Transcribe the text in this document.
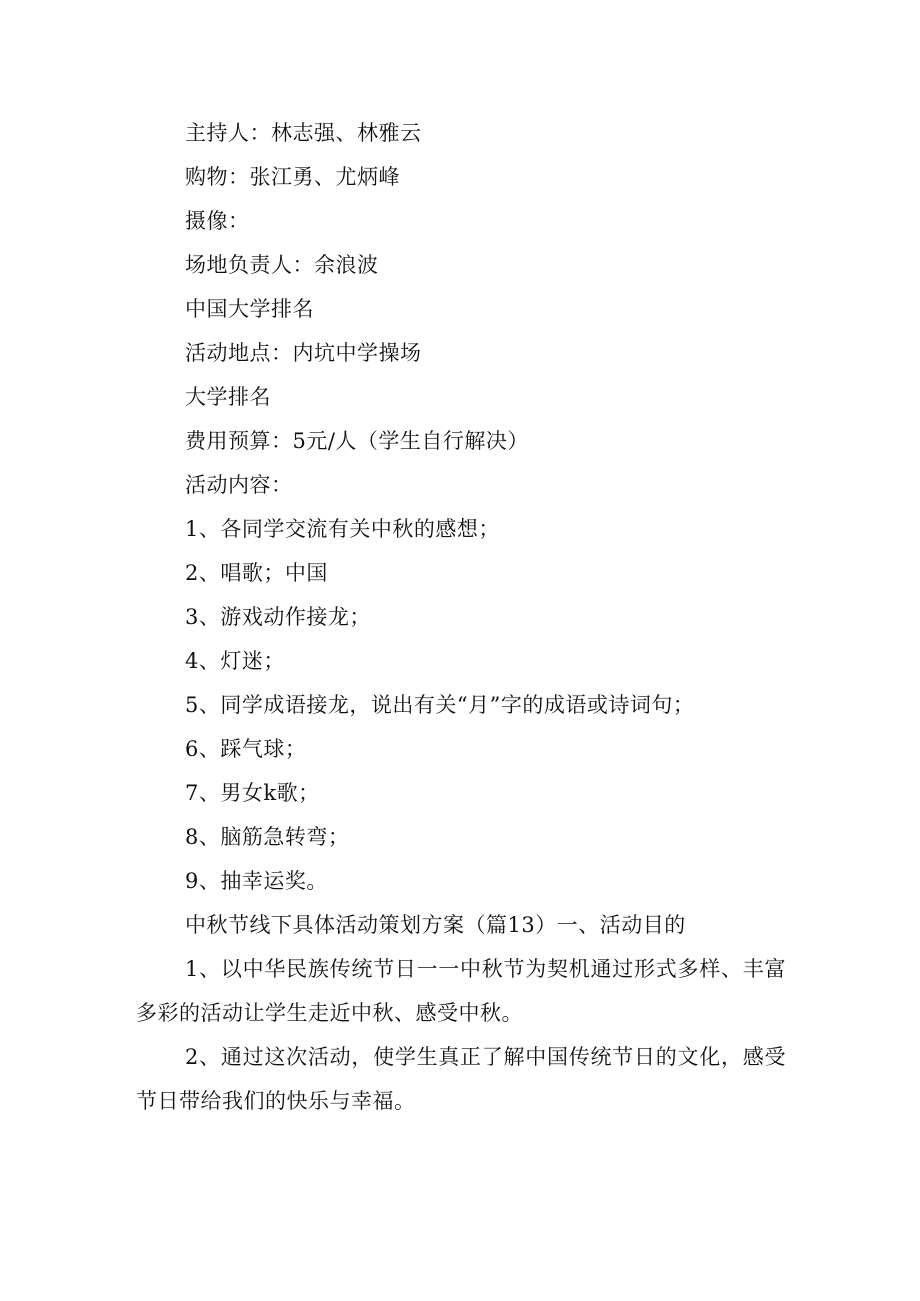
主持人：林志强、林雅云
购物：张江勇、尤炳峰
摄像：
场地负责人：余浪波
中国大学排名
活动地点：内坑中学操场
大学排名
费用预算：5元/人（学生自行解决）
活动内容：
1、各同学交流有关中秋的感想；
2、唱歌；中国
3、游戏动作接龙；
4、灯迷；
5、同学成语接龙，说出有关“月”字的成语或诗词句；
6、踩气球；
7、男女k歌；
8、脑筋急转弯；
9、抽幸运奖。
中秋节线下具体活动策划方案（篇13）一、活动目的
1、以中华民族传统节日一一中秋节为契机通过形式多样、丰富多彩的活动让学生走近中秋、感受中秋。
2、通过这次活动，使学生真正了解中国传统节日的文化，感受节日带给我们的快乐与幸福。
